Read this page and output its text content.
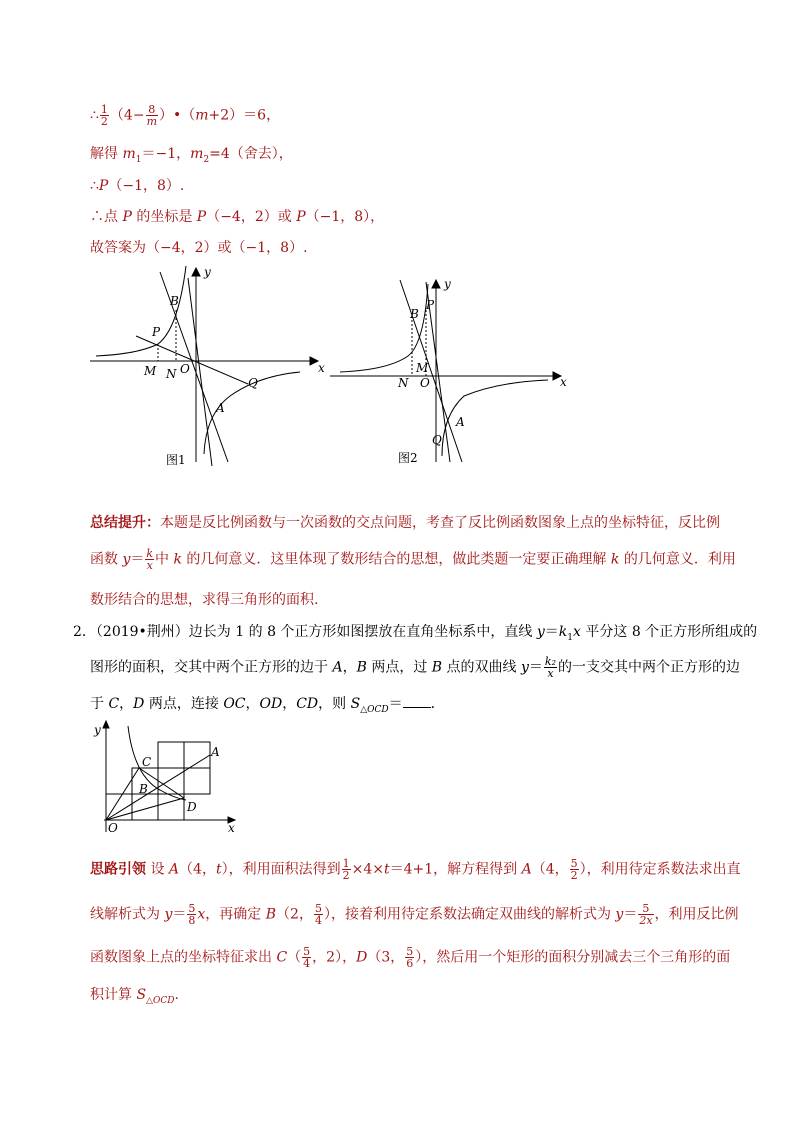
∴ $\frac{1}{2} (4- \frac{8}{m}$ ）•（m+2）＝6，
解得 $m_1=-1$，$m_2=4$（舍去），
∴P（−1，8）.
∴点 P 的坐标是 P（−4，2）或 P（−1，8），
故答案为（−4，2）或（−1，8）.
y
x
B
P
M N O
Q
A
图1
y
x
B
P
M
N O
Q
A
图2
总结提升：本题是反比例函数与一次函数的交点问题，考查了反比例函数图象上点的坐标特征，反比例
函数 $y= \frac{k}{x}$ 中 k 的几何意义．这里体现了数形结合的思想，做此类题一定要正确理解 k 的几何意义．利用
数形结合的思想，求得三角形的面积.
2．（2019•荆州）边长为 1 的 8 个正方形如图摆放在直角坐标系中，直线 $y=k_1x$ 平分这 8 个正方形所组成的
图形的面积，交其中两个正方形的边于 A，B 两点，过 B 点的双曲线 $y= \frac{\text{k₂}}{x}$ 的一支交其中两个正方形的边
于 C，D 两点，连接 OC，OD，CD，则 $S_{\triangle OCD}=$ ．
y
x
O
A
B
C
D
思路引领 设 A（4，t），利用面积法得到 $\frac{1}{2} \times 4\times t=4+1$，解方程得到 A（4， $\frac{5}{2}$ ），利用待定系数法求出直
线解析式为 $y= \frac{5}{8}$ x，再确定 B（2， $\frac{5}{4}$ ），接着利用待定系数法确定双曲线的解析式为 $y= \frac{5}{2x}$ ，利用反比例
函数图象上点的坐标特征求出 $C( \frac{5}{4}$ ，2），D（3， $\frac{5}{6}$ ），然后用一个矩形的面积分别减去三个三角形的面
积计算 $S_{\triangle OCD}$.
